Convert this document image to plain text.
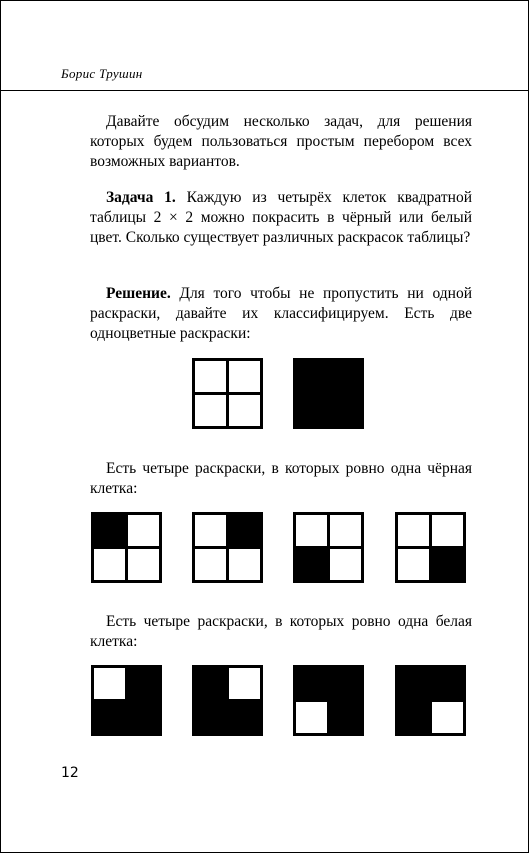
Борис Трушин

Давайте обсудим несколько задач, для решения которых будем пользоваться простым перебором всех возможных вариантов.

Задача 1. Каждую из четырёх клеток квадратной таблицы 2 × 2 можно покрасить в чёрный или белый цвет. Сколько существует различных раскрасок таблицы?

Решение. Для того чтобы не пропустить ни одной раскраски, давайте их классифицируем. Есть две одноцветные раскраски:

Есть четыре раскраски, в которых ровно одна чёрная клетка:

Есть четыре раскраски, в которых ровно одна белая клетка:

12
